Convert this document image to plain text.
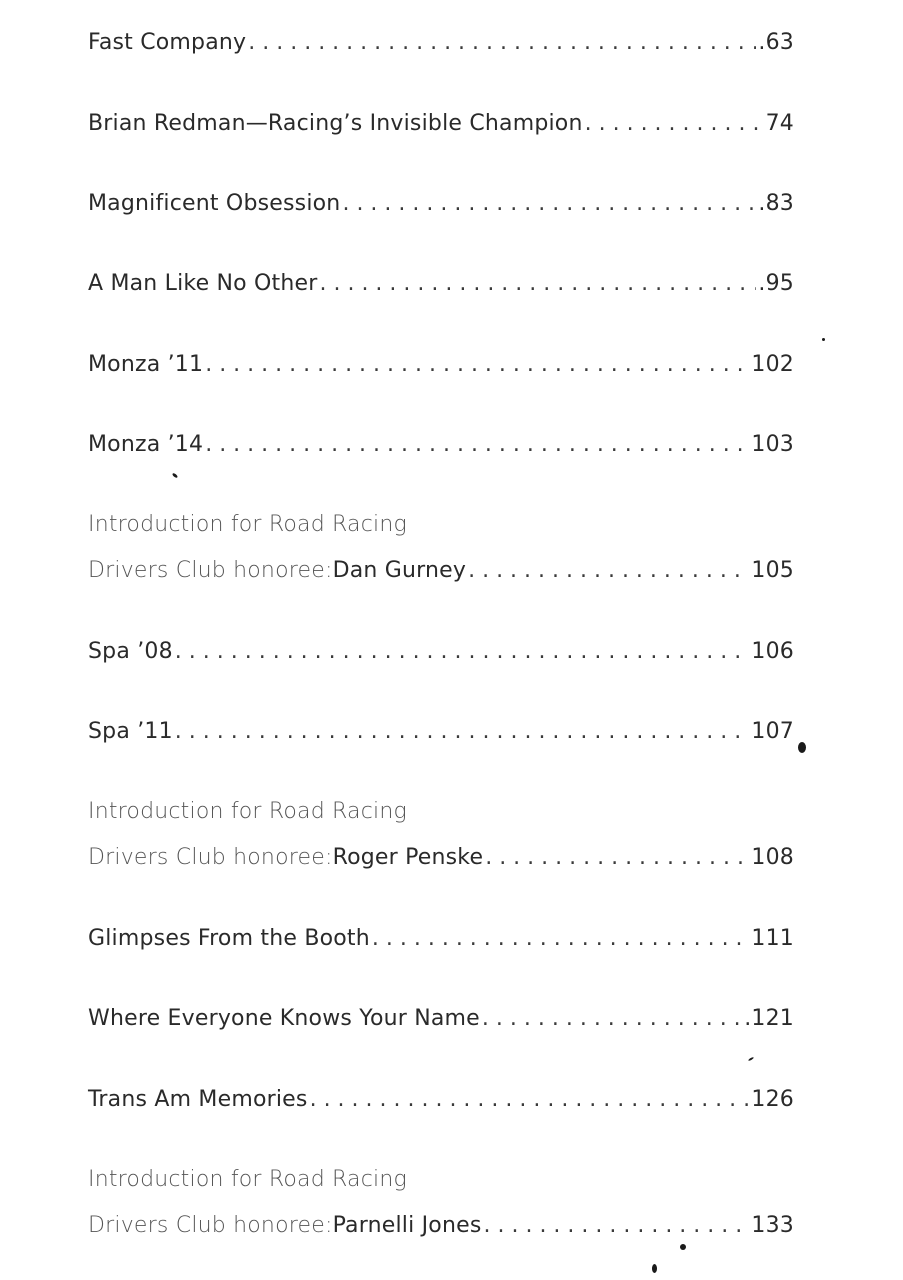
Fast Company . . .	.63
Brian Redman—Racing’s Invisible Champion . . .	74
Magnificent Obsession . . .	.83
A Man Like No Other . . .	.95
Monza ’11 . . .	102
Monza ’14 . . .	103
Introduction for Road Racing
Drivers Club honoree: Dan Gurney . . .	105
Spa ’08 . . .	106
Spa ’11 . . .	107
Introduction for Road Racing
Drivers Club honoree: Roger Penske . . .	108
Glimpses From the Booth . . .	111
Where Everyone Knows Your Name . . .	.121
Trans Am Memories . . .	126
Introduction for Road Racing
Drivers Club honoree: Parnelli Jones . . .	133
